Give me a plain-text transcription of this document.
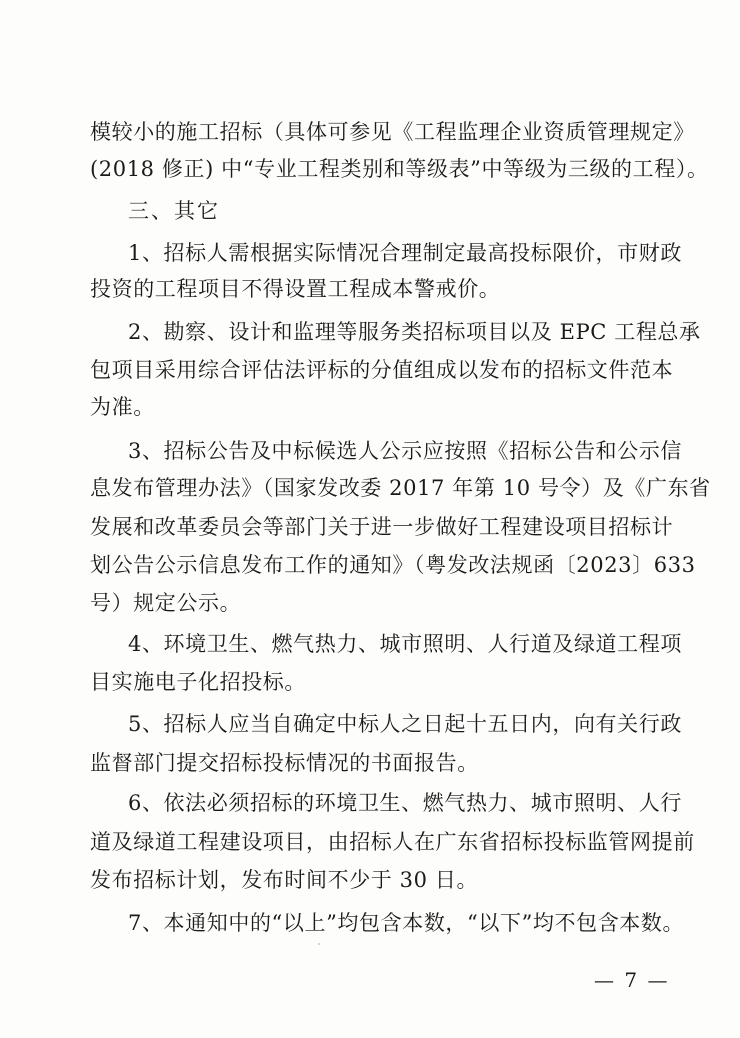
模较小的施工招标（具体可参见《工程监理企业资质管理规定》
(2018 修正) 中“专业工程类别和等级表”中等级为三级的工程）。
三、其它
1、招标人需根据实际情况合理制定最高投标限价，市财政
投资的工程项目不得设置工程成本警戒价。
2、勘察、设计和监理等服务类招标项目以及 EPC 工程总承
包项目采用综合评估法评标的分值组成以发布的招标文件范本
为准。
3、招标公告及中标候选人公示应按照《招标公告和公示信
息发布管理办法》（国家发改委 2017 年第 10 号令）及《广东省
发展和改革委员会等部门关于进一步做好工程建设项目招标计
划公告公示信息发布工作的通知》（粤发改法规函〔2023〕633
号）规定公示。
4、环境卫生、燃气热力、城市照明、人行道及绿道工程项
目实施电子化招投标。
5、招标人应当自确定中标人之日起十五日内，向有关行政
监督部门提交招标投标情况的书面报告。
6、依法必须招标的环境卫生、燃气热力、城市照明、人行
道及绿道工程建设项目，由招标人在广东省招标投标监管网提前
发布招标计划，发布时间不少于 30 日。
7、本通知中的“以上”均包含本数，“以下”均不包含本数。
— 7 —
